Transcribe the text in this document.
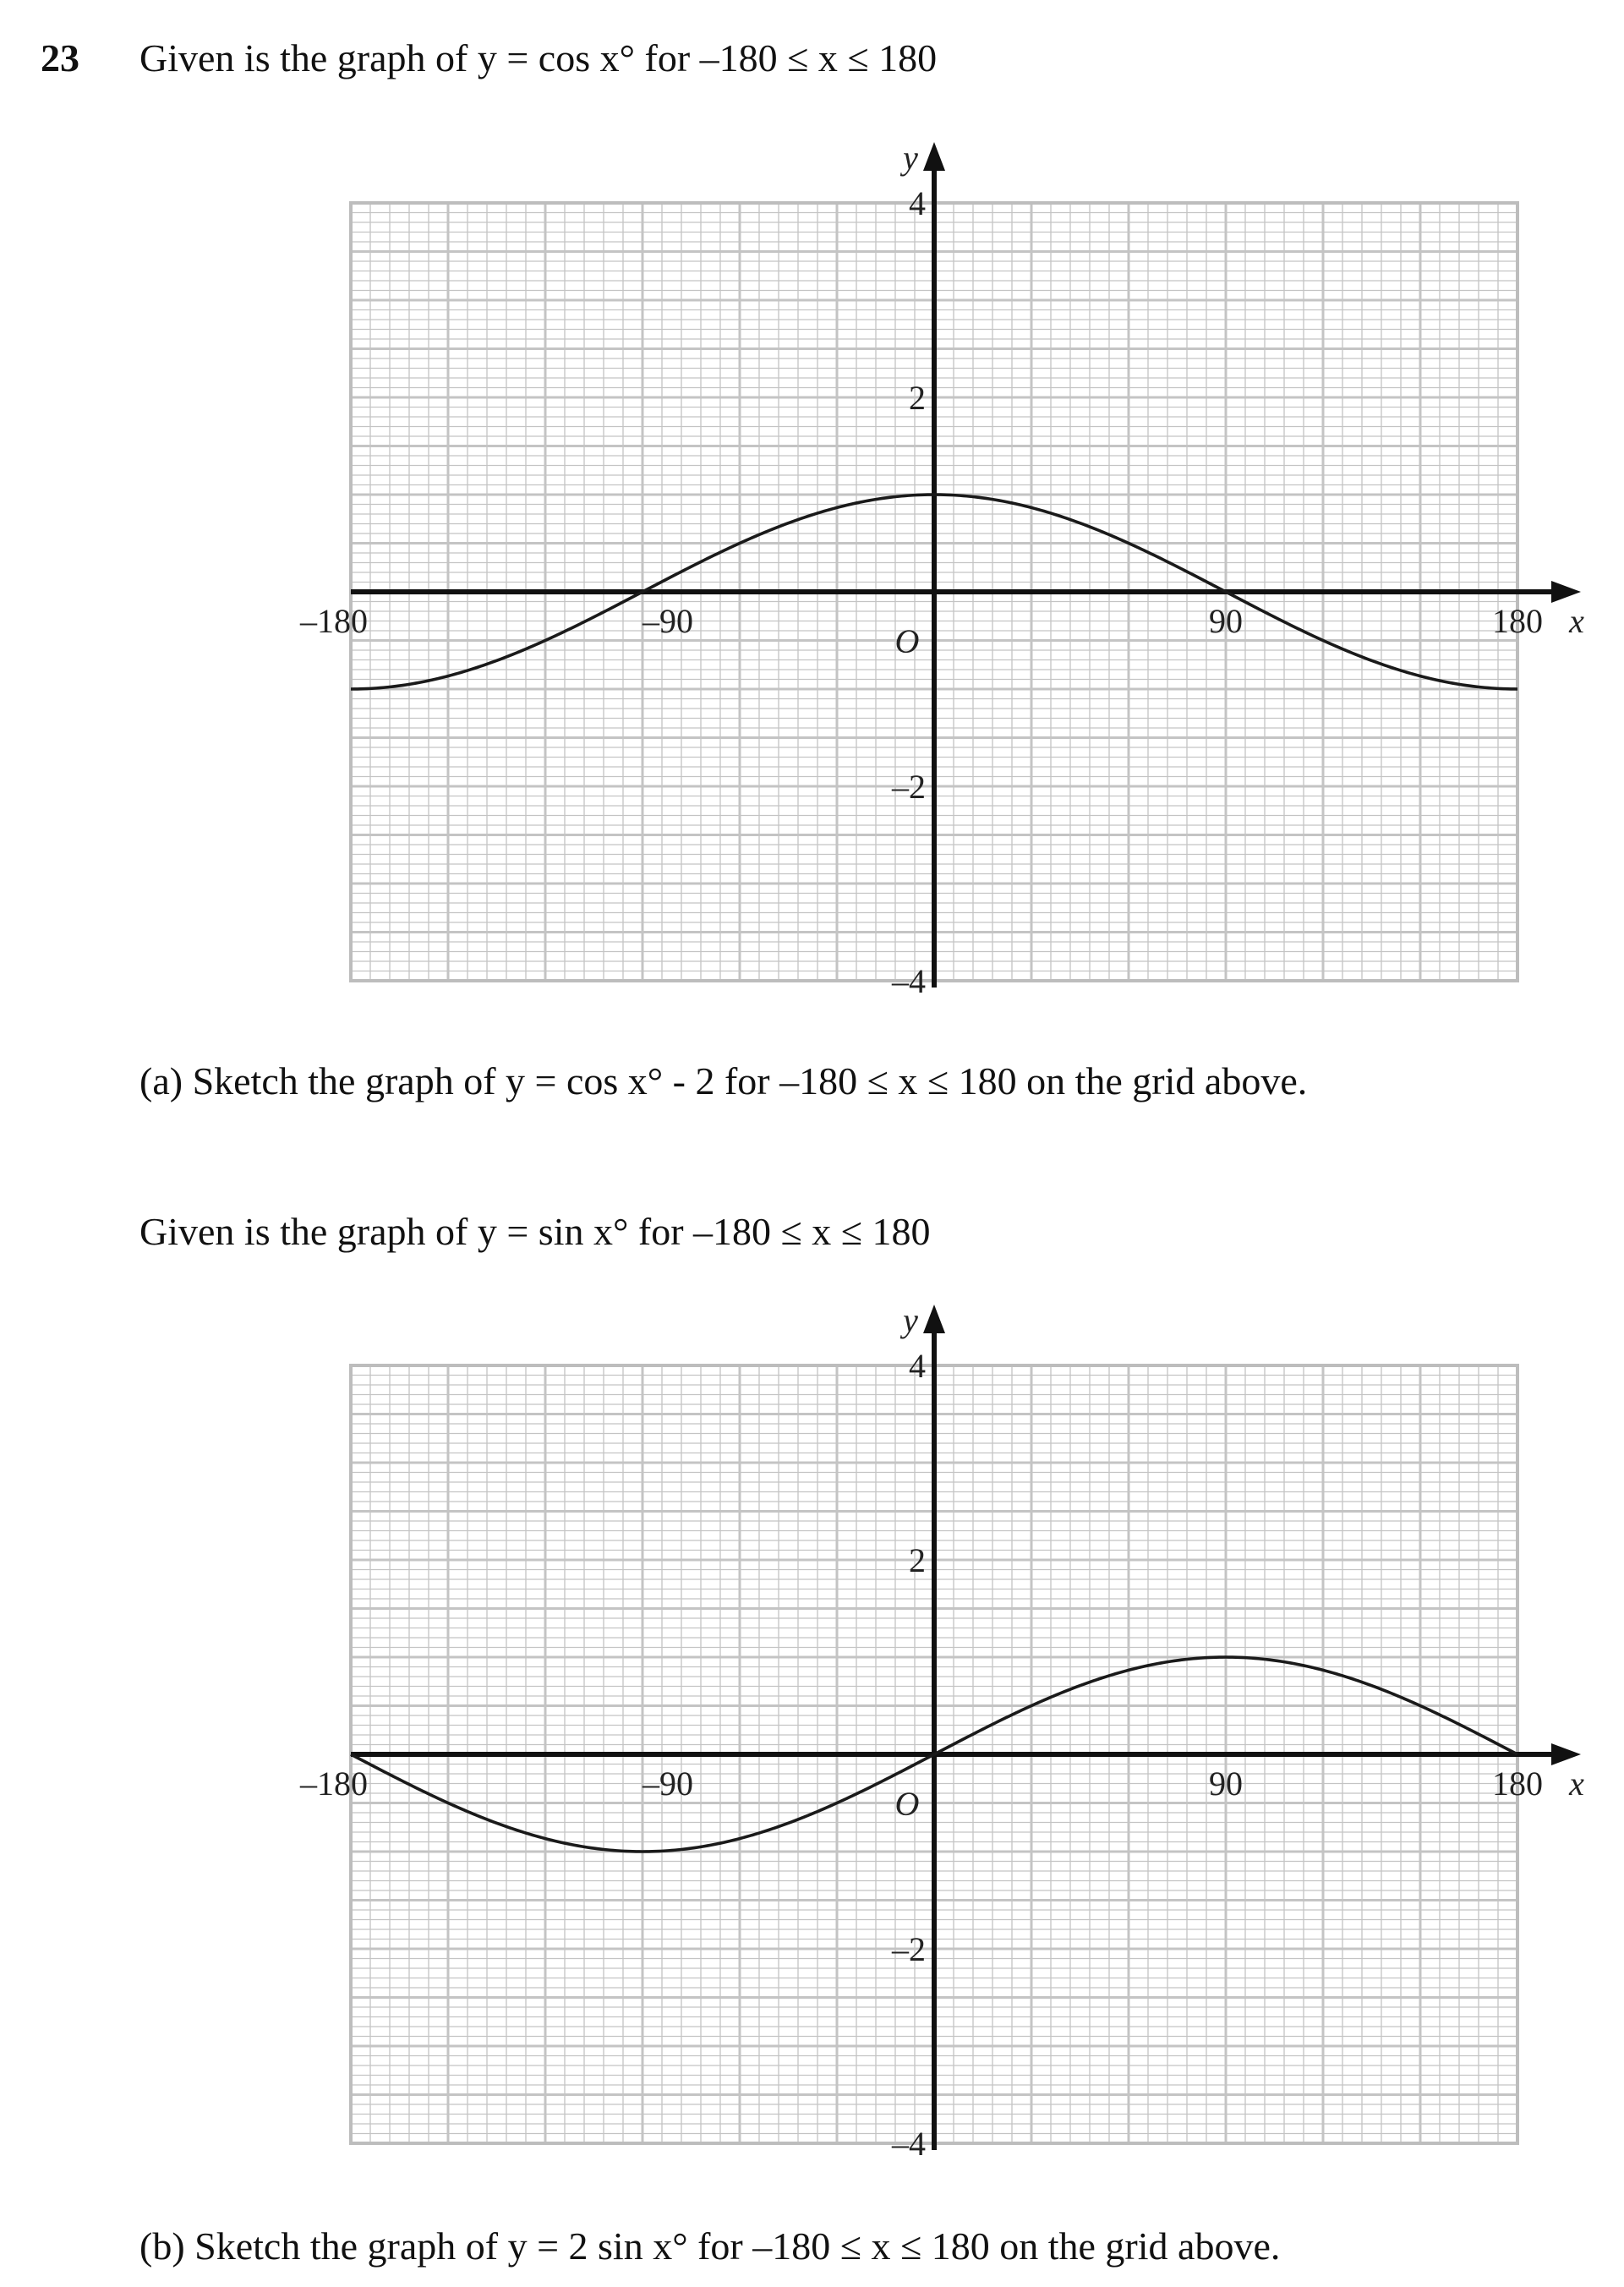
23 Given is the graph of y = cos x° for –180 ≤ x ≤ 180
–180	–90	90	180
4
2
–2
–4
x
y
O
(a) Sketch the graph of y = cos x° - 2 for –180 ≤ x ≤ 180 on the grid above.
Given is the graph of y = sin x° for –180 ≤ x ≤ 180
–180	–90	90	180
4
2
–2
–4
x
y
O
(b) Sketch the graph of y = 2 sin x° for –180 ≤ x ≤ 180 on the grid above.
